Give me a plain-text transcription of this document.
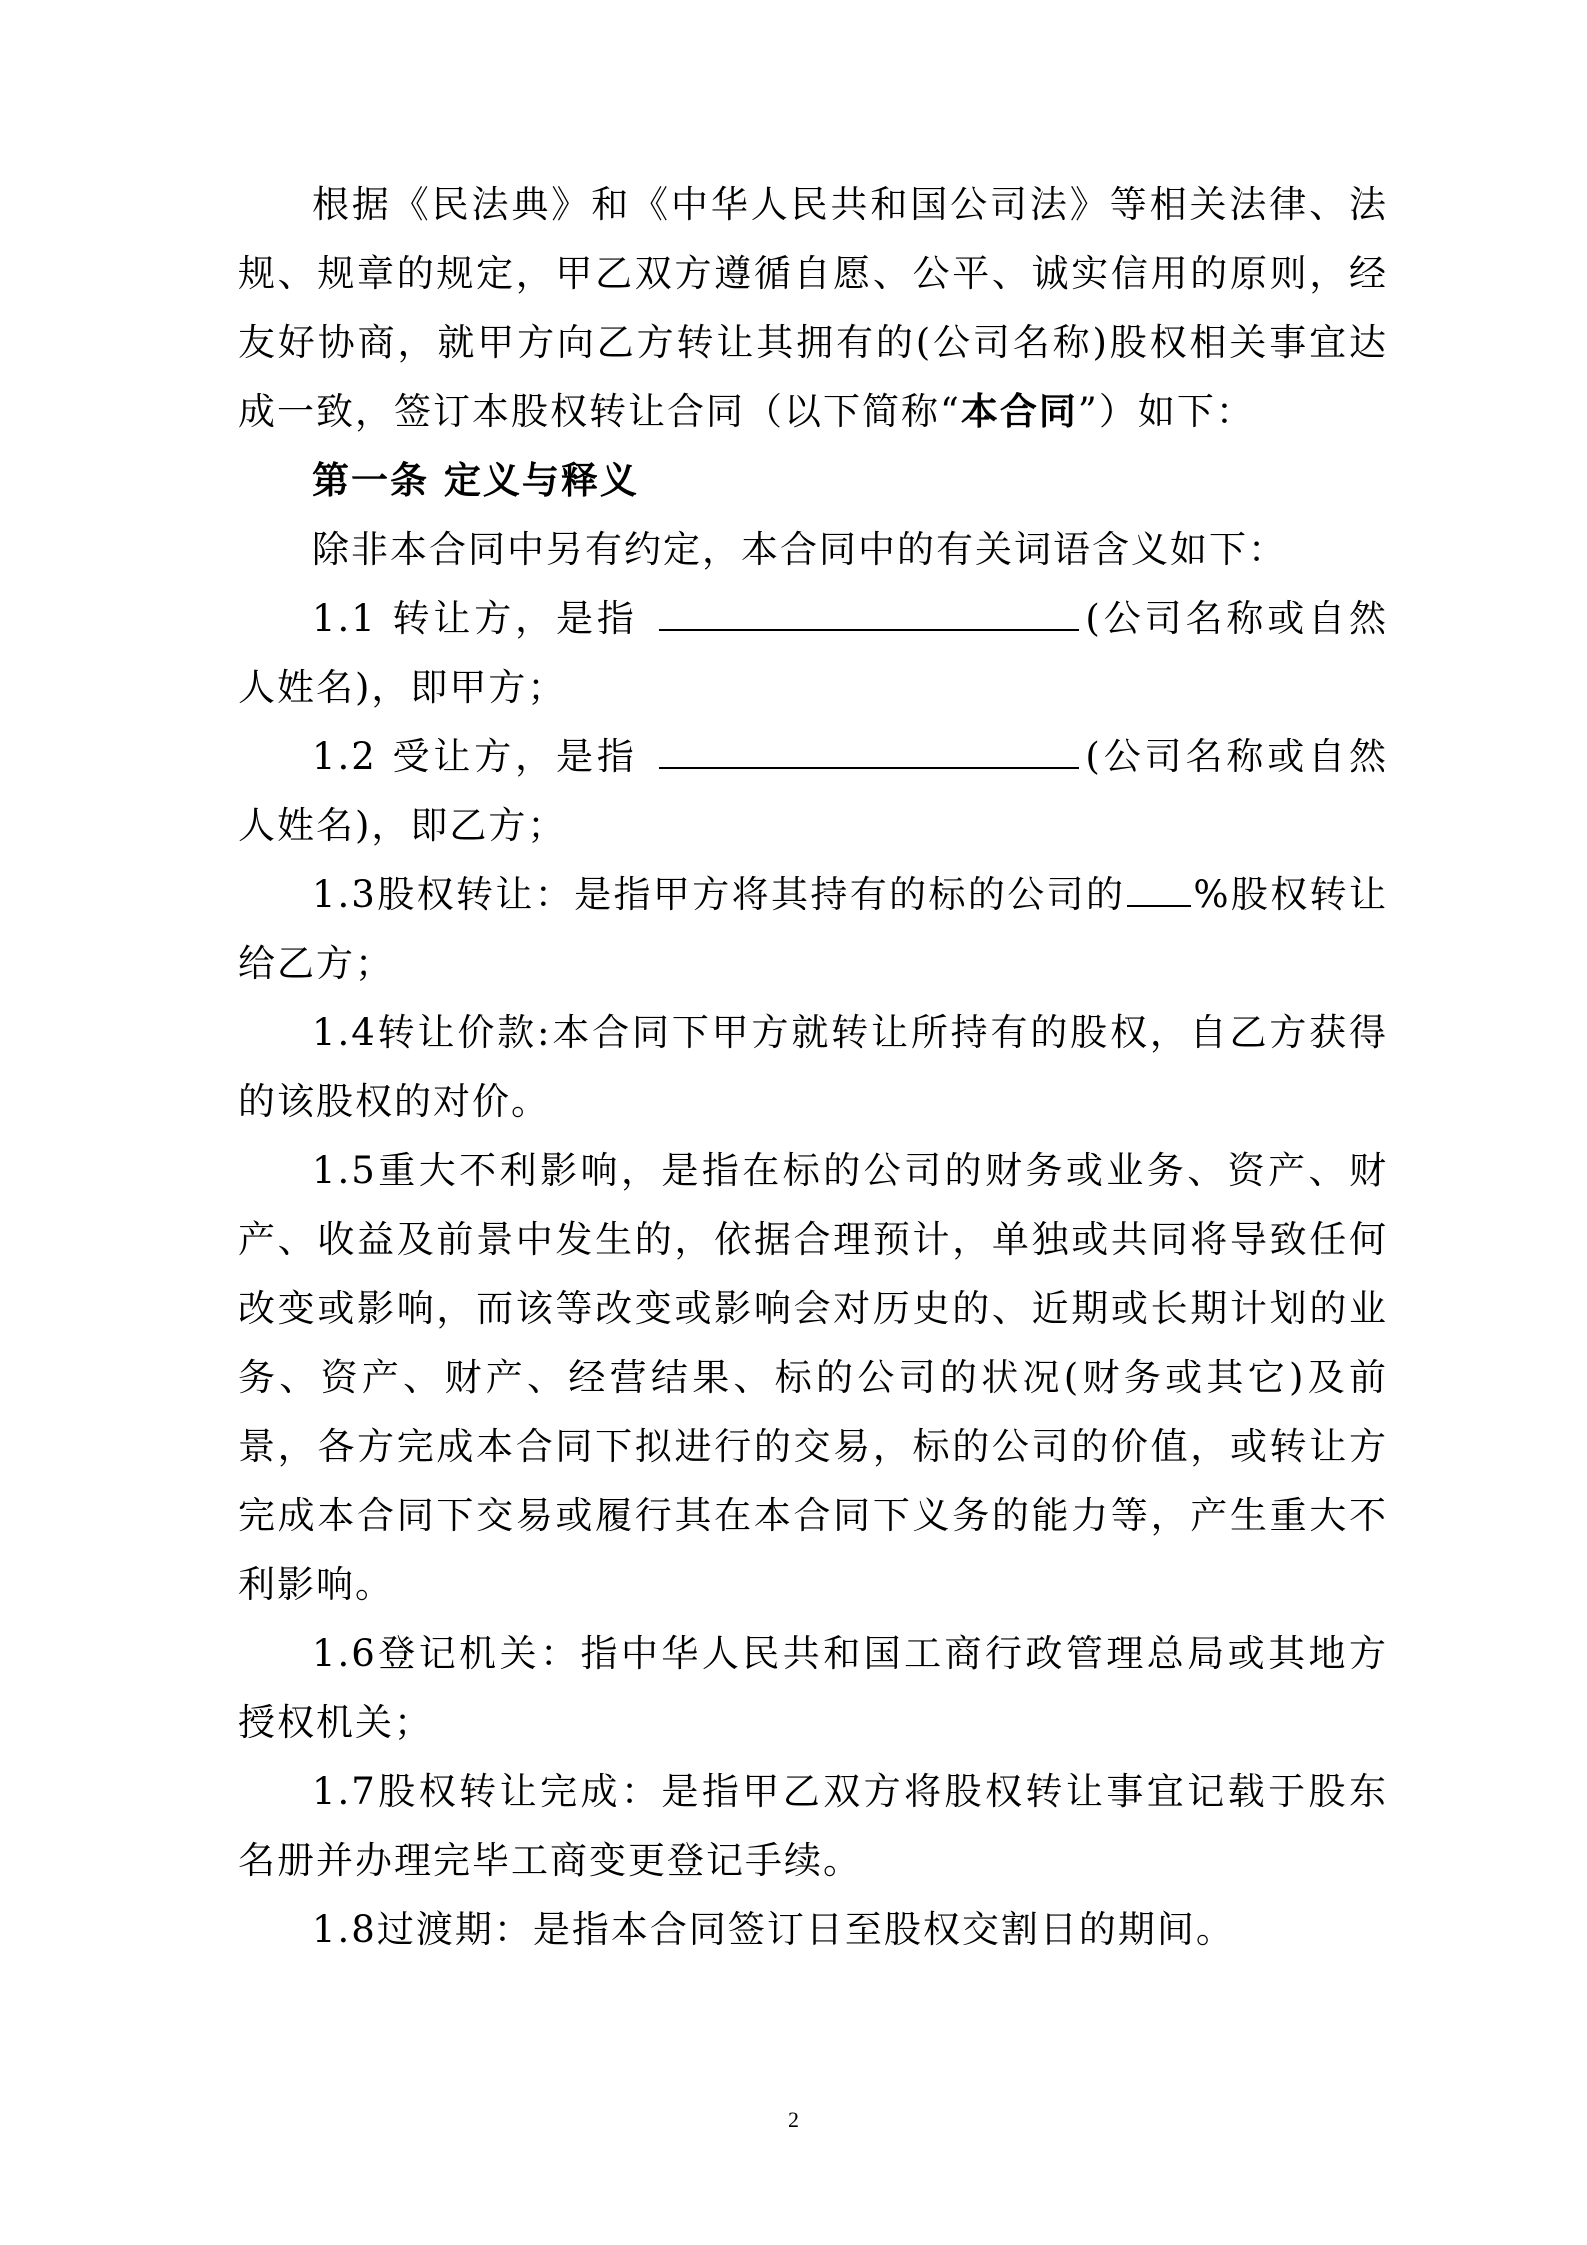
根据《民法典》和《中华人民共和国公司法》等相关法律、法规、规章的规定，甲乙双方遵循自愿、公平、诚实信用的原则，经友好协商，就甲方向乙方转让其拥有的(公司名称)股权相关事宜达成一致，签订本股权转让合同（以下简称“本合同”）如下：

第一条 定义与释义

除非本合同中另有约定，本合同中的有关词语含义如下：

1.1 转让方，是指	(公司名称或自然人姓名)，即甲方；

1.2 受让方，是指	(公司名称或自然人姓名)，即乙方；

1.3股权转让：是指甲方将其持有的标的公司的 %股权转让给乙方；

1.4转让价款:本合同下甲方就转让所持有的股权，自乙方获得的该股权的对价。

1.5重大不利影响，是指在标的公司的财务或业务、资产、财产、收益及前景中发生的，依据合理预计，单独或共同将导致任何改变或影响，而该等改变或影响会对历史的、近期或长期计划的业务、资产、财产、经营结果、标的公司的状况(财务或其它)及前景，各方完成本合同下拟进行的交易，标的公司的价值，或转让方完成本合同下交易或履行其在本合同下义务的能力等，产生重大不利影响。

1.6登记机关：指中华人民共和国工商行政管理总局或其地方授权机关；

1.7股权转让完成：是指甲乙双方将股权转让事宜记载于股东名册并办理完毕工商变更登记手续。

1.8过渡期：是指本合同签订日至股权交割日的期间。

2
